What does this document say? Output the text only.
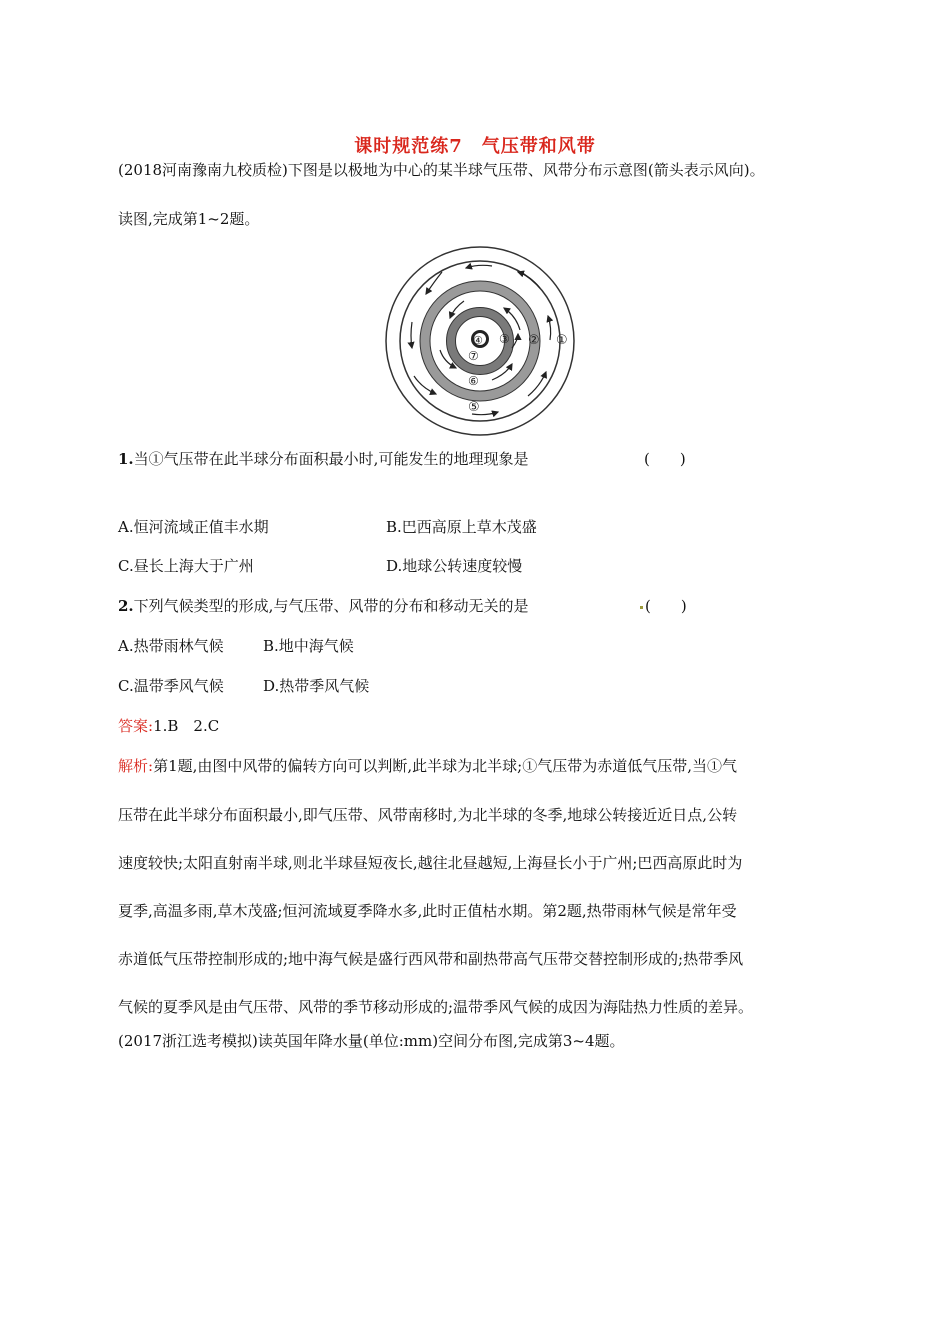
课时规范练7　气压带和风带
(2018河南豫南九校质检)下图是以极地为中心的某半球气压带、风带分布示意图(箭头表示风向)。
读图,完成第1~2题。
①
②
③
④
⑤
⑥
⑦
1.当①气压带在此半球分布面积最小时,可能发生的地理现象是	(　　)
A.恒河流域正值丰水期	B.巴西高原上草木茂盛
C.昼长上海大于广州	D.地球公转速度较慢
2.下列气候类型的形成,与气压带、风带的分布和移动无关的是	(　　)
A.热带雨林气候	B.地中海气候
C.温带季风气候	D.热带季风气候
答案:1.B　2.C
解析:第1题,由图中风带的偏转方向可以判断,此半球为北半球;①气压带为赤道低气压带,当①气
压带在此半球分布面积最小,即气压带、风带南移时,为北半球的冬季,地球公转接近近日点,公转
速度较快;太阳直射南半球,则北半球昼短夜长,越往北昼越短,上海昼长小于广州;巴西高原此时为
夏季,高温多雨,草木茂盛;恒河流域夏季降水多,此时正值枯水期。第2题,热带雨林气候是常年受
赤道低气压带控制形成的;地中海气候是盛行西风带和副热带高气压带交替控制形成的;热带季风
气候的夏季风是由气压带、风带的季节移动形成的;温带季风气候的成因为海陆热力性质的差异。
(2017浙江选考模拟)读英国年降水量(单位:mm)空间分布图,完成第3~4题。
